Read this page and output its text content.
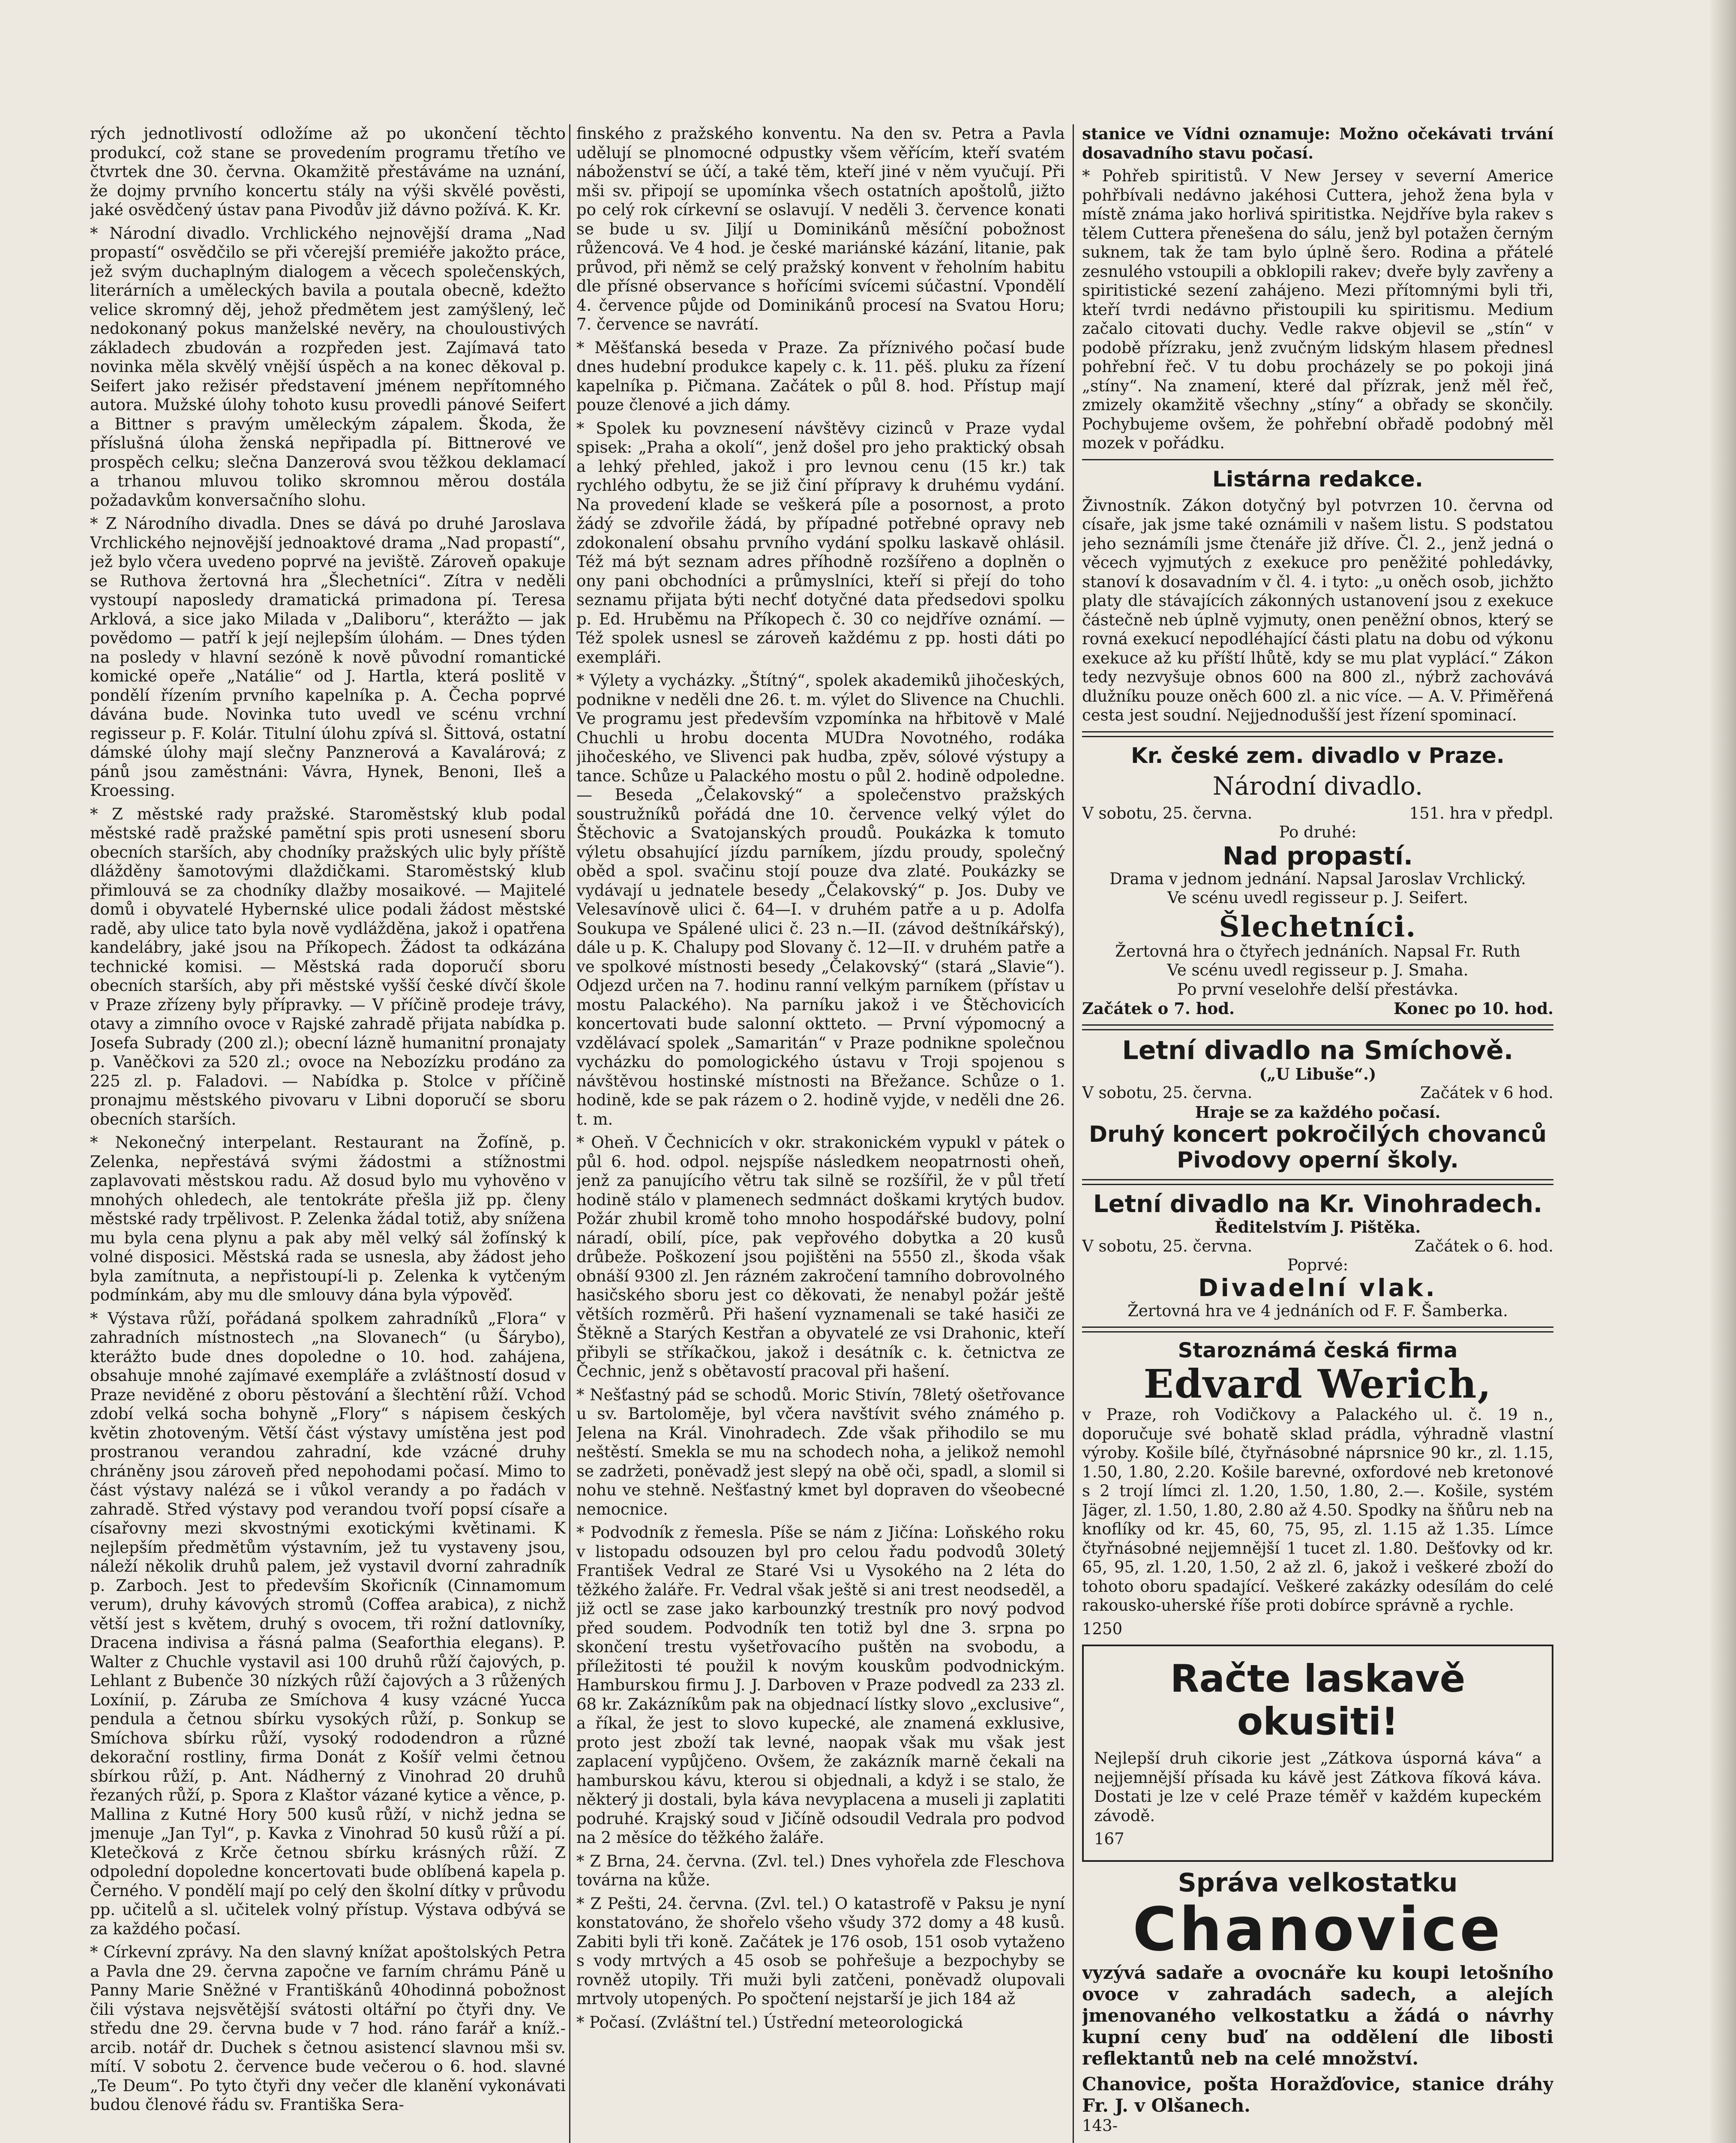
rých jednotlivostí odložíme až po ukončení těchto produkcí, což stane se provedením programu třetího ve čtvrtek dne 30. června. Okamžitě přestáváme na uznání, že dojmy prvního koncertu stály na výši skvělé pověsti, jaké osvědčený ústav pana Pivodův již dávno požívá. K. Kr.

* Národní divadlo. Vrchlického nejnovější drama „Nad propastí“ osvědčilo se při včerejší premiéře jakožto práce, jež svým duchaplným dialogem a věcech společenských, literárních a uměleckých bavila a poutala obecně, kdežto velice skromný děj, jehož předmětem jest zamýšlený, leč nedokonaný pokus manželské nevěry, na chouloustivých základech zbudován a rozpředen jest. Zajímavá tato novinka měla skvělý vnější úspěch a na konec děkoval p. Seifert jako režisér představení jménem nepřítomného autora. Mužské úlohy tohoto kusu provedli pánové Seifert a Bittner s pravým uměleckým zápalem. Škoda, že příslušná úloha ženská nepřipadla pí. Bittnerové ve prospěch celku; slečna Danzerová svou těžkou deklamací a trhanou mluvou toliko skromnou měrou dostála požadavkům konversačního slohu.

* Z Národního divadla. Dnes se dává po druhé Jaroslava Vrchlického nejnovější jednoaktové drama „Nad propastí“, jež bylo včera uvedeno poprvé na jeviště. Zároveň opakuje se Ruthova žertovná hra „Šlechetníci“. Zítra v neděli vystoupí naposledy dramatická primadona pí. Teresa Arklová, a sice jako Milada v „Daliboru“, kterážto — jak povědomo — patří k její nejlepším úlohám. — Dnes týden na posledy v hlavní sezóně k nově původní romantické komické opeře „Natálie“ od J. Hartla, která poslitě v pondělí řízením prvního kapelníka p. A. Čecha poprvé dávána bude. Novinka tuto uvedl ve scénu vrchní regisseur p. F. Kolár. Titulní úlohu zpívá sl. Šittová, ostatní dámské úlohy mají slečny Panznerová a Kavalárová; z pánů jsou zaměstnáni: Vávra, Hynek, Benoni, Ileš a Kroessing.

* Z městské rady pražské. Staroměstský klub podal městské radě pražské pamětní spis proti usnesení sboru obecních starších, aby chodníky pražských ulic byly příště dlážděny šamotovými dlaždičkami. Staroměstský klub přimlouvá se za chodníky dlažby mosaikové. — Majitelé domů i obyvatelé Hybernské ulice podali žádost městské radě, aby ulice tato byla nově vydlážděna, jakož i opatřena kandelábry, jaké jsou na Příkopech. Žádost ta odkázána technické komisi. — Městská rada doporučí sboru obecních starších, aby při městské vyšší české dívčí škole v Praze zřízeny byly přípravky. — V příčině prodeje trávy, otavy a zimního ovoce v Rajské zahradě přijata nabídka p. Josefa Subrady (200 zl.); obecní lázně humanitní pronajaty p. Vaněčkovi za 520 zl.; ovoce na Nebozízku prodáno za 225 zl. p. Faladovi. — Nabídka p. Stolce v příčině pronajmu městského pivovaru v Libni doporučí se sboru obecních starších.

* Nekonečný interpelant. Restaurant na Žofíně, p. Zelenka, nepřestává svými žádostmi a stížnostmi zaplavovati městskou radu. Až dosud bylo mu vyhověno v mnohých ohledech, ale tentokráte přešla již pp. členy městské rady trpělivost. P. Zelenka žádal totiž, aby snížena mu byla cena plynu a pak aby měl velký sál žofínský k volné disposici. Městská rada se usnesla, aby žádost jeho byla zamítnuta, a nepřistoupí-li p. Zelenka k vytčeným podmínkám, aby mu dle smlouvy dána byla výpověď.

* Výstava růží, pořádaná spolkem zahradníků „Flora“ v zahradních místnostech „na Slovanech“ (u Šárybo), kterážto bude dnes dopoledne o 10. hod. zahájena, obsahuje mnohé zajímavé exempláře a zvláštností dosud v Praze neviděné z oboru pěstování a šlechtění růží. Vchod zdobí velká socha bohyně „Flory“ s nápisem českých květin zhotoveným. Větší část výstavy umístěna jest pod prostranou verandou zahradní, kde vzácné druhy chráněny jsou zároveň před nepohodami počasí. Mimo to část výstavy nalézá se i vůkol verandy a po řadách v zahradě. Střed výstavy pod verandou tvoří popsí císaře a císařovny mezi skvostnými exotickými květinami. K nejlepším předmětům výstavním, jež tu vystaveny jsou, náleží několik druhů palem, jež vystavil dvorní zahradník p. Zarboch. Jest to především Skořicník (Cinnamomum verum), druhy kávových stromů (Coffea arabica), z nichž větší jest s květem, druhý s ovocem, tři rožní datlovníky, Dracena indivisa a řásná palma (Seaforthia elegans). P. Walter z Chuchle vystavil asi 100 druhů růží čajových, p. Lehlant z Bubenče 30 nízkých růží čajových a 3 růžených Loxínií, p. Záruba ze Smíchova 4 kusy vzácné Yucca pendula a četnou sbírku vysokých růží, p. Sonkup se Smíchova sbírku růží, vysoký rododendron a různé dekorační rostliny, firma Donát z Košíř velmi četnou sbírkou růží, p. Ant. Nádherný z Vinohrad 20 druhů řezaných růží, p. Spora z Klaštor vázané kytice a věnce, p. Mallina z Kutné Hory 500 kusů růží, v nichž jedna se jmenuje „Jan Tyl“, p. Kavka z Vinohrad 50 kusů růží a pí. Kletečková z Krče četnou sbírku krásných růží. Z odpolední dopoledne koncertovati bude oblíbená kapela p. Černého. V pondělí mají po celý den školní dítky v průvodu pp. učitelů a sl. učitelek volný přístup. Výstava odbývá se za každého počasí.

* Církevní zprávy. Na den slavný knížat apoštolských Petra a Pavla dne 29. června započne ve farním chrámu Páně u Panny Marie Sněžné v Františkánů 40hodinná pobožnost čili výstava nejsvětější svátosti oltářní po čtyři dny. Ve středu dne 29. června bude v 7 hod. ráno farář a kníž.-arcib. notář dr. Duchek s četnou asistencí slavnou mši sv. mítí. V sobotu 2. července bude večerou o 6. hod. slavné „Te Deum“. Po tyto čtyři dny večer dle klanění vykonávati budou členové řádu sv. Františka Sera-

finského z pražského konventu. Na den sv. Petra a Pavla udělují se plnomocné odpustky všem věřícím, kteří svatém náboženství se účí, a také těm, kteří jiné v něm vyučují. Při mši sv. připojí se upomínka všech ostatních apoštolů, jižto po celý rok církevní se oslavují. V neděli 3. července konati se bude u sv. Jiljí u Dominikánů měsíční pobožnost růžencová. Ve 4 hod. je české mariánské kázání, litanie, pak průvod, při němž se celý pražský konvent v řeholním habitu dle přísné observance s hořícími svícemi súčastní. Vpondělí 4. července půjde od Dominikánů procesí na Svatou Horu; 7. července se navrátí.

* Měšťanská beseda v Praze. Za příznivého počasí bude dnes hudební produkce kapely c. k. 11. pěš. pluku za řízení kapelníka p. Pičmana. Začátek o půl 8. hod. Přístup mají pouze členové a jich dámy.

* Spolek ku povznesení návštěvy cizinců v Praze vydal spisek: „Praha a okolí“, jenž došel pro jeho praktický obsah a lehký přehled, jakož i pro levnou cenu (15 kr.) tak rychlého odbytu, že se již činí přípravy k druhému vydání. Na provedení klade se veškerá píle a posornost, a proto žádý se zdvořile žádá, by případné potřebné opravy neb zdokonalení obsahu prvního vydání spolku laskavě ohlásil. Též má být seznam adres příhodně rozšířeno a doplněn o ony pani obchodníci a průmyslníci, kteří si přejí do toho seznamu přijata býti nechť dotyčné data předsedovi spolku p. Ed. Hruběmu na Příkopech č. 30 co nejdříve oznámí. — Též spolek usnesl se zároveň každému z pp. hosti dáti po exempláři.

* Výlety a vycházky. „Štítný“, spolek akademiků jihočeských, podnikne v neděli dne 26. t. m. výlet do Slivence na Chuchli. Ve programu jest především vzpomínka na hřbitově v Malé Chuchli u hrobu docenta MUDra Novotného, rodáka jihočeského, ve Slivenci pak hudba, zpěv, sólové výstupy a tance. Schůze u Palackého mostu o půl 2. hodině odpoledne. — Beseda „Čelakovský“ a společenstvo pražských soustružníků pořádá dne 10. července velký výlet do Štěchovic a Svatojanských proudů. Poukázka k tomuto výletu obsahující jízdu parníkem, jízdu proudy, společný oběd a spol. svačinu stojí pouze dva zlaté. Poukázky se vydávají u jednatele besedy „Čelakovský“ p. Jos. Duby ve Velesavínově ulici č. 64—I. v druhém patře a u p. Adolfa Soukupa ve Spálené ulici č. 23 n.—II. (závod deštníkářský), dále u p. K. Chalupy pod Slovany č. 12—II. v druhém patře a ve spolkové místnosti besedy „Čelakovský“ (stará „Slavie“). Odjezd určen na 7. hodinu ranní velkým parníkem (přístav u mostu Palackého). Na parníku jakož i ve Štěchovicích koncertovati bude salonní oktteto. — První výpomocný a vzdělávací spolek „Samaritán“ v Praze podnikne společnou vycházku do pomologického ústavu v Troji spojenou s návštěvou hostinské místnosti na Břežance. Schůze o 1. hodině, kde se pak rázem o 2. hodině vyjde, v neděli dne 26. t. m.

* Oheň. V Čechnicích v okr. strakonickém vypukl v pátek o půl 6. hod. odpol. nejspíše následkem neopatrnosti oheň, jenž za panujícího větru tak silně se rozšířil, že v půl třetí hodině stálo v plamenech sedmnáct doškami krytých budov. Požár zhubil kromě toho mnoho hospodářské budovy, polní náradí, obilí, píce, pak vepřového dobytka a 20 kusů drůbeže. Poškození jsou pojištěni na 5550 zl., škoda však obnáší 9300 zl. Jen rázném zakročení tamního dobrovolného hasičského sboru jest co děkovati, že nenabyl požár ještě větších rozměrů. Při hašení vyznamenali se také hasiči ze Štěkně a Starých Kestřan a obyvatelé ze vsi Drahonic, kteří přibyli se stříkačkou, jakož i desátník c. k. četnictva ze Čechnic, jenž s obětavostí pracoval při hašení.

* Nešťastný pád se schodů. Moric Stivín, 78letý ošetřovance u sv. Bartoloměje, byl včera navštívit svého známého p. Jelena na Král. Vinohradech. Zde však přihodilo se mu neštěstí. Smekla se mu na schodech noha, a jelikož nemohl se zadržeti, poněvadž jest slepý na obě oči, spadl, a slomil si nohu ve stehně. Nešťastný kmet byl dopraven do všeobecné nemocnice.

* Podvodník z řemesla. Píše se nám z Jičína: Loňského roku v listopadu odsouzen byl pro celou řadu podvodů 30letý František Vedral ze Staré Vsi u Vysokého na 2 léta do těžkého žaláře. Fr. Vedral však ještě si ani trest neodseděl, a již octl se zase jako karbounzký trestník pro nový podvod před soudem. Podvodník ten totiž byl dne 3. srpna po skončení trestu vyšetřovacího puštěn na svobodu, a příležitosti té použil k novým kouskům podvodnickým. Hamburskou firmu J. J. Darboven v Praze podvedl za 233 zl. 68 kr. Zakázníkům pak na objednací lístky slovo „exclusive“, a říkal, že jest to slovo kupecké, ale znamená exklusive, proto jest zboží tak levné, naopak však mu však jest zaplacení vypůjčeno. Ovšem, že zakázník marně čekali na hamburskou kávu, kterou si objednali, a když i se stalo, že některý ji dostali, byla káva nevyplacena a museli ji zaplatiti podruhé. Krajský soud v Jičíně odsoudil Vedrala pro podvod na 2 měsíce do těžkého žaláře.

* Z Brna, 24. června. (Zvl. tel.) Dnes vyhořela zde Fleschova továrna na kůže.

* Z Pešti, 24. června. (Zvl. tel.) O katastrofě v Paksu je nyní konstatováno, že shořelo všeho všudy 372 domy a 48 kusů. Zabiti byli tři koně. Začátek je 176 osob, 151 osob vytaženo s vody mrtvých a 45 osob se pohřešuje a bezpochyby se rovněž utopily. Tři muži byli zatčeni, poněvadž olupovali mrtvoly utopených. Po spočtení nejstarší je jich 184 až

* Počasí. (Zvláštní tel.) Ústřední meteorologická

stanice ve Vídni oznamuje: Možno očekávati trvání dosavadního stavu počasí.

* Pohřeb spiritistů. V New Jersey v severní Americe pohřbívali nedávno jakéhosi Cuttera, jehož žena byla v místě známa jako horlivá spiritistka. Nejdříve byla rakev s tělem Cuttera přenešena do sálu, jenž byl potažen černým suknem, tak že tam bylo úplně šero. Rodina a přátelé zesnulého vstoupili a obklopili rakev; dveře byly zavřeny a spiritistické sezení zahájeno. Mezi přítomnými byli tři, kteří tvrdi nedávno přistoupili ku spiritismu. Medium začalo citovati duchy. Vedle rakve objevil se „stín“ v podobě přízraku, jenž zvučným lidským hlasem přednesl pohřební řeč. V tu dobu procházely se po pokoji jiná „stíny“. Na znamení, které dal přízrak, jenž měl řeč, zmizely okamžitě všechny „stíny“ a obřady se skončily. Pochybujeme ovšem, že pohřební obřadě podobný měl mozek v pořádku.

Listárna redakce.

Živnostník. Zákon dotyčný byl potvrzen 10. června od císaře, jak jsme také oznámili v našem listu. S podstatou jeho seznámíli jsme čtenáře již dříve. Čl. 2., jenž jedná o věcech vyjmutých z exekuce pro peněžité pohledávky, stanoví k dosavadním v čl. 4. i tyto: „u oněch osob, jichžto platy dle stávajících zákonných ustanovení jsou z exekuce částečně neb úplně vyjmuty, onen peněžní obnos, který se rovná exekucí nepodléhající části platu na dobu od výkonu exekuce až ku příští lhůtě, kdy se mu plat vyplácí.“ Zákon tedy nezvyšuje obnos 600 na 800 zl., nýbrž zachovává dlužníku pouze oněch 600 zl. a nic více. — A. V. Přiměřená cesta jest soudní. Nejjednodušší jest řízení spominací.

Kr. české zem. divadlo v Praze.

Národní divadlo.

V sobotu, 25. června.	151. hra v předpl.

Po druhé:

Nad propastí.

Drama v jednom jednání. Napsal Jaroslav Vrchlický.

Ve scénu uvedl regisseur p. J. Seifert.

Šlechetníci.

Žertovná hra o čtyřech jednáních. Napsal Fr. Ruth

Ve scénu uvedl regisseur p. J. Smaha.

Po první veselohře delší přestávka.

Začátek o 7. hod.	Konec po 10. hod.

Letní divadlo na Smíchově.

(„U Libuše“.)

V sobotu, 25. června.	Začátek v 6 hod.

Hraje se za každého počasí.

Druhý koncert pokročilých chovanců

Pivodovy operní školy.

Letní divadlo na Kr. Vinohradech.

Ředitelstvím J. Pištěka.

V sobotu, 25. června.	Začátek o 6. hod.

Poprvé:

Divadelní vlak.

Žertovná hra ve 4 jednáních od F. F. Šamberka.

Staroznámá česká firma

Edvard Werich,

v Praze, roh Vodičkovy a Palackého ul. č. 19 n., doporučuje své bohatě sklad prádla, výhradně vlastní výroby. Košile bílé, čtyřnásobné náprsnice 90 kr., zl. 1.15, 1.50, 1.80, 2.20. Košile barevné, oxfordové neb kretonové s 2 trojí límci zl. 1.20, 1.50, 1.80, 2.—. Košile, systém Jäger, zl. 1.50, 1.80, 2.80 až 4.50. Spodky na šňůru neb na knoflíky od kr. 45, 60, 75, 95, zl. 1.15 až 1.35. Límce čtyřnásobné nejjemnější 1 tucet zl. 1.80. Dešťovky od kr. 65, 95, zl. 1.20, 1.50, 2 až zl. 6, jakož i veškeré zboží do tohoto oboru spadající. Veškeré zakázky odesílám do celé rakousko-uherské říše proti dobírce správně a rychle.

1250

Račte laskavě okusiti!

Nejlepší druh cikorie jest „Zátkova úsporná káva“ a nejjemnější přísada ku kávě jest Zátkova fíková káva. Dostati je lze v celé Praze téměř v každém kupeckém závodě.

167

Správa velkostatku

Chanovice

vyzývá sadaře a ovocnáře ku koupi letošního ovoce v zahradách sadech, a alejích jmenovaného velkostatku a žádá o návrhy kupní ceny buď na oddělení dle libosti reflektantů neb na celé množství.

Chanovice, pošta Horažďovice, stanice dráhy Fr. J. v Olšanech.

143-
